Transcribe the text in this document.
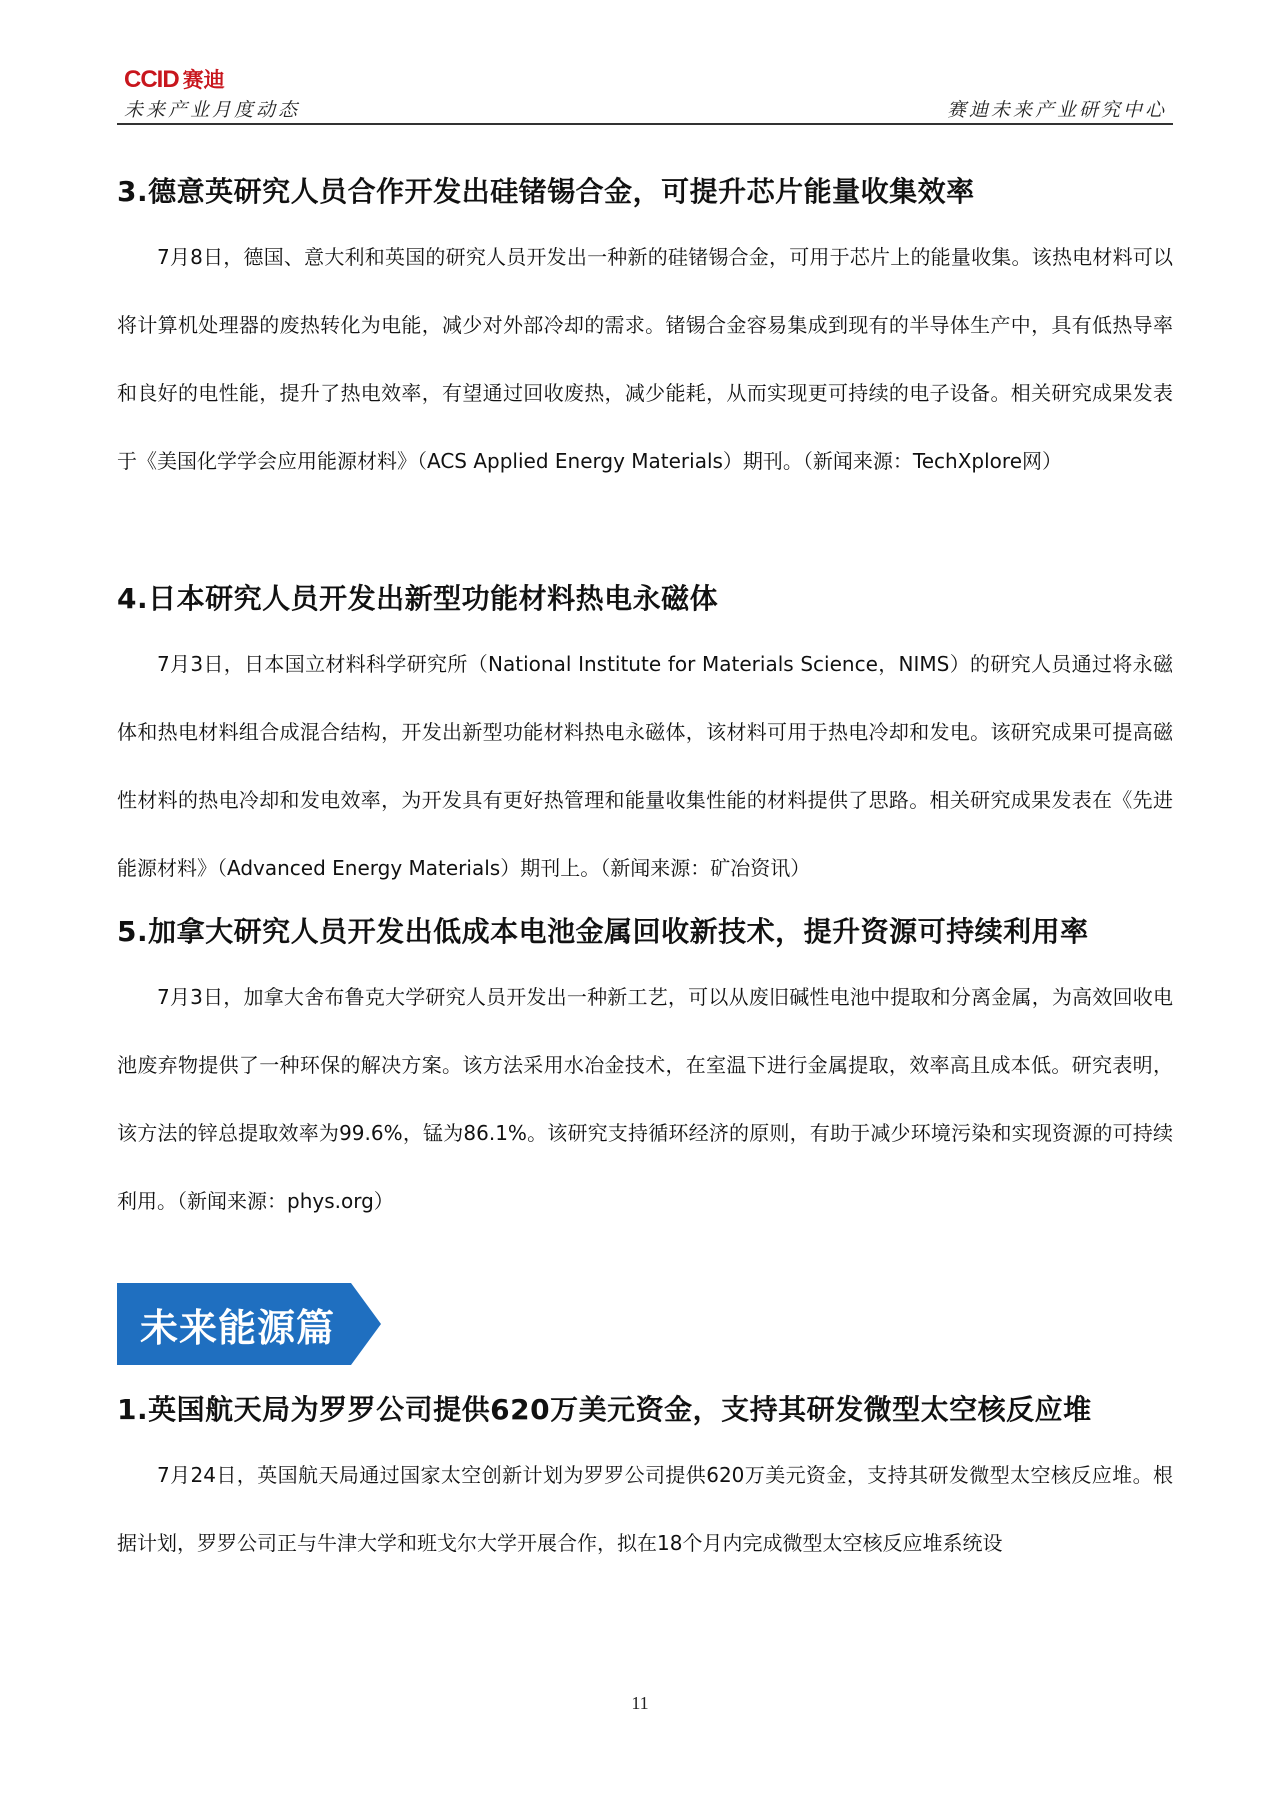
CCID 赛迪
未来产业月度动态	赛迪未来产业研究中心
3.德意英研究人员合作开发出硅锗锡合金，可提升芯片能量收集效率
7月8日，德国、意大利和英国的研究人员开发出一种新的硅锗锡合金，可用于芯片上的能量收集。该热电材料可以将计算机处理器的废热转化为电能，减少对外部冷却的需求。锗锡合金容易集成到现有的半导体生产中，具有低热导率和良好的电性能，提升了热电效率，有望通过回收废热，减少能耗，从而实现更可持续的电子设备。相关研究成果发表于《美国化学学会应用能源材料》（ACS Applied Energy Materials）期刊。（新闻来源：TechXplore网）
4.日本研究人员开发出新型功能材料热电永磁体
7月3日，日本国立材料科学研究所（National Institute for Materials Science，NIMS）的研究人员通过将永磁体和热电材料组合成混合结构，开发出新型功能材料热电永磁体，该材料可用于热电冷却和发电。该研究成果可提高磁性材料的热电冷却和发电效率，为开发具有更好热管理和能量收集性能的材料提供了思路。相关研究成果发表在《先进能源材料》（Advanced Energy Materials）期刊上。（新闻来源：矿冶资讯）
5.加拿大研究人员开发出低成本电池金属回收新技术，提升资源可持续利用率
7月3日，加拿大舍布鲁克大学研究人员开发出一种新工艺，可以从废旧碱性电池中提取和分离金属，为高效回收电池废弃物提供了一种环保的解决方案。该方法采用水冶金技术，在室温下进行金属提取，效率高且成本低。研究表明，该方法的锌总提取效率为99.6%，锰为86.1%。该研究支持循环经济的原则，有助于减少环境污染和实现资源的可持续利用。（新闻来源：phys.org）
未来能源篇
1.英国航天局为罗罗公司提供620万美元资金，支持其研发微型太空核反应堆
7月24日，英国航天局通过国家太空创新计划为罗罗公司提供620万美元资金，支持其研发微型太空核反应堆。根据计划，罗罗公司正与牛津大学和班戈尔大学开展合作，拟在18个月内完成微型太空核反应堆系统设
11
